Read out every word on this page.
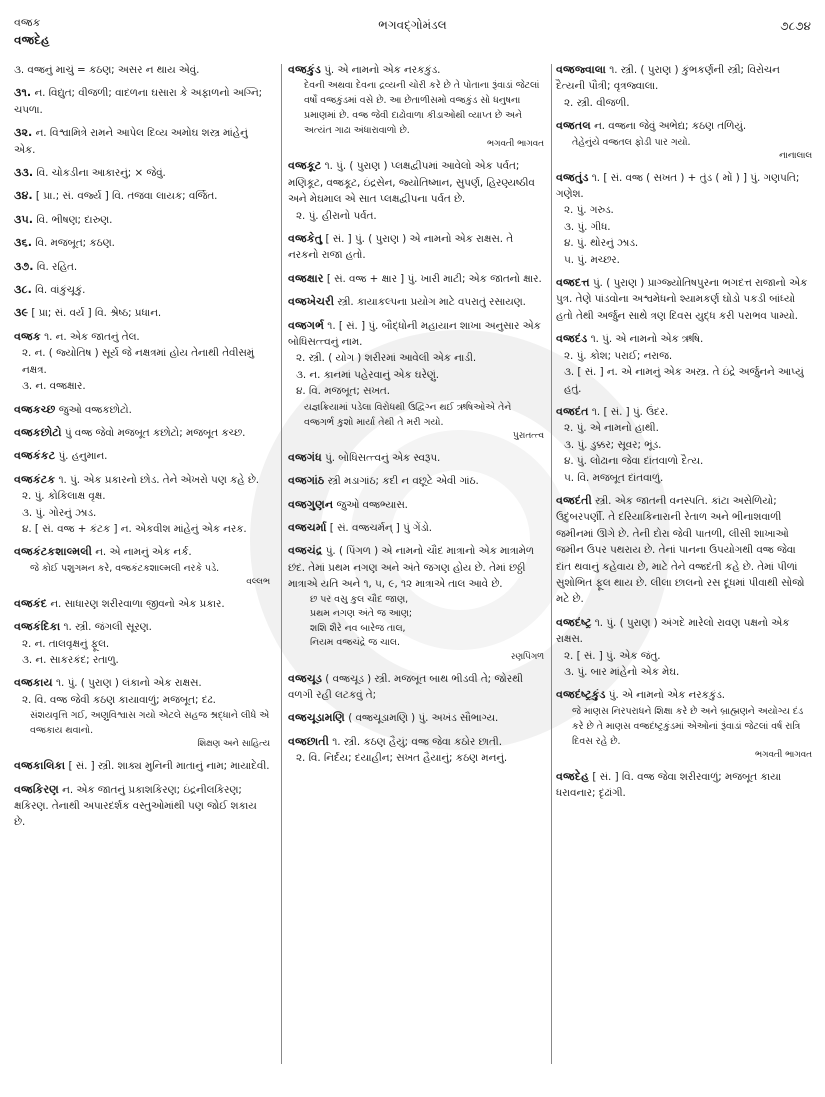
વજ્રક
વજ્રદેહ
ભગવદ્ગોમંડલ	૭૮૭૪
૩. વજ્રનું માચું = કઠણ; અસર ન થાય એવું.
૩૧. ન. વિદ્યુત; વીજળી; વાદળના ઘસારા કે અફાળનો અગ્નિ; ચપળા.
૩૨. ન. વિશ્વામિત્રે રામને આપેલ દિવ્ય અમોઘ શસ્ત્ર માંહેનું એક.
૩૩. વિ. ચોકડીના આકારનું; × જેવું.
૩૪. [ પ્રા.; સં. વર્જ્ય ] વિ. તજવા લાયક; વર્જિત.
૩૫. વિ. ભીષણ; દારુણ.
૩૬. વિ. મજબૂત; કઠણ.
૩૭. વિ. રહિત.
૩૮. વિ. વાંકુંચૂકું.
૩૯ [ પ્રા; સં. વર્ય ] વિ. શ્રેષ્ઠ; પ્રધાન.
વજ્રક ૧. ન. એક જાતનું તેલ.
૨. ન. ( જ્યોતિષ ) સૂર્ય જે નક્ષત્રમાં હોય તેનાથી તેવીસમું નક્ષત્ર.
૩. ન. વજ્રક્ષાર.
વજ્રકચ્છ જુઓ વજ્રકછોટો.
વજ્રકછોટો પું વજ્ર જેવો મજબૂત કછોટો; મજબૂત કચ્છ.
વજ્રકંકટ પું. હનુમાન.
વજ્રકંટક ૧. પું. એક પ્રકારનો છોડ. તેને એખરો પણ કહે છે.
૨. પું. કોકિલાક્ષ વૃક્ષ.
૩. પું. ગોરનું ઝાડ.
૪. [ સં. વજ્ર + કંટક ] ન. એકવીશ માંહેનું એક નરક.
વજ્રકંટકશાલ્મલી ન. એ નામનું એક નર્ક.
જે કોઈ પશુગમન કરે, વજ્રકંટકશાલ્મલી નરકે પડે.
વલ્લભ
વજ્રકંદ ન. સાધારણ શરીરવાળા જીવનો એક પ્રકાર.
વજ્રકંદિકા ૧. સ્ત્રી. જંગલી સૂરણ.
૨. ન. તાલવૃક્ષનું ફૂલ.
૩. ન. સાકરકંદ; રતાળુ.
વજ્રકાય ૧. પું. ( પુરાણ ) લંકાનો એક રાક્ષસ.
૨. વિ. વજ્ર જેવી કઠણ કાયાવાળું; મજબૂત; દઢ.
સંશયવૃત્તિ ગઈ, અણુવિશ્વાસ ગયો એટલે સહજ શ્રદ્ધાને લીધે એ વજ્રકાય થવાનો.
શિક્ષણ અને સાહિત્ય
વજ્રકાલિકા [ સં. ] સ્ત્રી. શાક્ય મુનિની માતાનું નામ; માયાદેવી.
વજ્રકિરણ ન. એક જાતનું પ્રકાશકિરણ; ઇંદ્રનીલકિરણ; ક્ષકિરણ. તેનાથી અપારદર્શક વસ્તુઓમાંથી પણ જોઈ શકાય છે.
વજ્રકુંડ પું. એ નામનો એક નરકકુંડ.
દેવની અથવા દેવના દ્રવ્યની ચોરી કરે છે તે પોતાના રૂંવાડાં જેટલાં વર્ષો વજ્રકુંડમાં વસે છે. આ છેતાળીસમો વજ્રકુંડ સો ધનુષના પ્રમાણમાં છે. વજ્ર જેવી દાઢોવાળા કીડાઓથી વ્યાપ્ત છે અને અત્યંત ગાઢા અંધારાવાળો છે.
ભગવતી ભાગવત
વજ્રકૂટ ૧. પું. ( પુરાણ ) પ્લક્ષદ્વીપમાં આવેલો એક પર્વત; મણિકૂટ, વજ્રકૂટ, ઇંદ્રસેન, જ્યોતિષ્માન, સુપર્ણ, હિરણ્યષ્ઠીવ અને મેઘમાલ એ સાત પ્લક્ષદ્વીપના પર્વત છે.
૨. પું. હીરાનો પર્વત.
વજ્રકેતુ [ સં. ] પું. ( પુરાણ ) એ નામનો એક રાક્ષસ. તે નરકનો રાજા હતો.
વજ્રક્ષાર [ સં. વજ્ર + ક્ષાર ] પું. ખારી માટી; એક જાતનો ક્ષાર.
વજ્રખેચરી સ્ત્રી. કાયાકલ્પના પ્રયોગ માટે વપરાતું રસાયણ.
વજ્રગર્ભ ૧. [ સં. ] પું. બૌદ્ધોની મહાયાન શાખા અનુસાર એક બોધિસત્ત્વનું નામ.
૨. સ્ત્રી. ( યોગ ) શરીરમાં આવેલી એક નાડી.
૩. ન. કાનમાં પહેરવાનું એક ઘરેણું.
૪. વિ. મજબૂત; સખત.
યજ્ઞક્રિયામાં પડેલા વિરોધથી ઉદ્વિગ્ન થઈ ઋષિઓએ તેને વજ્રગર્ભ કુશો માર્યા તેથી તે મરી ગયો.
પુરાતત્ત્વ
વજ્રગંધ પું. બોધિસત્ત્વનું એક સ્વરૂપ.
વજ્રગાંઠ સ્ત્રી મડાગાંઠ; કદી ન વછૂટે એવી ગાંઠ.
વજ્રગુણન જુઓ વજ્રભ્યાસ.
વજ્રચર્મા [ સં. વજ્રચર્મન્ ] પું ગેંડો.
વજ્રચંદ્ર પું. ( પિંગળ ) એ નામનો ચૌદ માત્રાનો એક માત્રામેળ છંદ. તેમાં પ્રથમ નગણ અને અંતે જગણ હોય છે. તેમાં છઠ્ઠી માત્રાએ યતિ અને ૧, ૫, ૯, ૧૨ માત્રાએ તાલ આવે છે.
છ પર વસુ કુલ ચૌદ જાણ,
પ્રથમ નગણ અંતે જ આણ;
શશિ શૈરે નવ બારેજ તાલ,
નિયમ વજ્રચંદ્રે જ ચાલ.
રણપિંગળ
વજ્રચૂડ ( વજ્રચૂડ ) સ્ત્રી. મજબૂત બાથ ભીડવી તે; જોરથી વળગી રહી લટકવું તે;
વજ્રચૂડામણિ ( વજ્રચૂડામણિ ) પું. અખંડ સૌભાગ્ય.
વજ્રછાતી ૧. સ્ત્રી. કઠણ હૈયું; વજ્ર જેવા કઠોર છાતી.
૨. વિ. નિર્દય; દયાહીન; સખત હૈયાનું; કઠણ મનનું.
વજ્રજ્વાલા ૧. સ્ત્રી. ( પુરાણ ) કુંભકર્ણની સ્ત્રી; વિરોચન દૈત્યની પૌત્રી; વૃત્રજ્વાલા.
૨. સ્ત્રી. વીજળી.
વજ્રતલ ન. વજ્રના જેવું અભેદ્ય; કઠણ તળિયું.
તેહેનુંયે વજ્રતલ ફોડી પાર ગયો.
નાનાલાલ
વજ્રતુંડ ૧. [ સં. વજ્ર ( સખત ) + તુંડ ( મોં ) ] પું. ગણપતિ; ગણેશ.
૨. પું. ગરુડ.
૩. પું. ગીધ.
૪. પું. થોરનું ઝાડ.
૫. પું. મચ્છર.
વજ્રદત્ત પું. ( પુરાણ ) પ્રાગ્જ્યોતિષપુરના ભગદત્ત રાજાનો એક પુત્ર. તેણે પાંડવોના અશ્વમેધનો શ્યામકર્ણ ઘોડો પકડી બાંધ્યો હતો તેથી અર્જુન સાથે ત્રણ દિવસ યુદ્ધ કરી પરાભવ પામ્યો.
વજ્રદંડ ૧. પું. એ નામનો એક ઋષિ.
૨. પું. કોશ; પરાઈ; નરાજ.
૩. [ સં. ] ન. એ નામનું એક અસ્ત્ર. તે ઇંદ્રે અર્જુનને આપ્યું હતું.
વજ્રદંત ૧. [ સં. ] પું. ઉંદર.
૨. પું. એ નામનો હાથી.
૩. પું. ડુક્કર; સૂવર; ભૂંડ.
૪. પું. લોઢાના જેવા દાંતવાળો દૈત્ય.
૫. વિ. મજબૂત દાંતવાળું.
વજ્રદંતી સ્ત્રી. એક જાતની વનસ્પતિ. કાંટા અસેળિયો; ઉદુંબરપર્ણી. તે દરિયાકિનારાની રેતાળ અને ભીનાશવાળી જમીનમાં ઊગે છે. તેની દોરા જેવી પાતળી, લીસી શાખાઓ જમીન ઉપર પથરાય છે. તેનાં પાનના ઉપયોગથી વજ્ર જેવા દાંત થવાનું કહેવાય છે, માટે તેને વજ્રદંતી કહે છે. તેમાં પીળાં સુશોભિત ફૂલ થાય છે. લીલા છાલનો રસ દૂધમાં પીવાથી સોજો મટે છે.
વજ્રદંષ્ટ્ર ૧. પું. ( પુરાણ ) અંગદે મારેલો રાવણ પક્ષનો એક રાક્ષસ.
૨. [ સં. ] પું. એક જંતુ.
૩. પું. બાર માંહેનો એક મેઘ.
વજ્રદંષ્ટ્રકુંડ પું. એ નામનો એક નરકકુંડ.
જે માણસ નિરપરાધને શિક્ષા કરે છે અને બ્રાહ્મણને અયોગ્ય દંડ કરે છે તે માણસ વજ્રદંષ્ટ્રકુંડમાં એઓનાં રૂંવાડાં જેટલાં વર્ષ રાત્રિ દિવસ રહે છે.
ભગવતી ભાગવત
વજ્રદેહ [ સં. ] વિ. વજ્ર જેવા શરીરવાળું; મજબૂત કાયા ધરાવનાર; દૃઢાંગી.
